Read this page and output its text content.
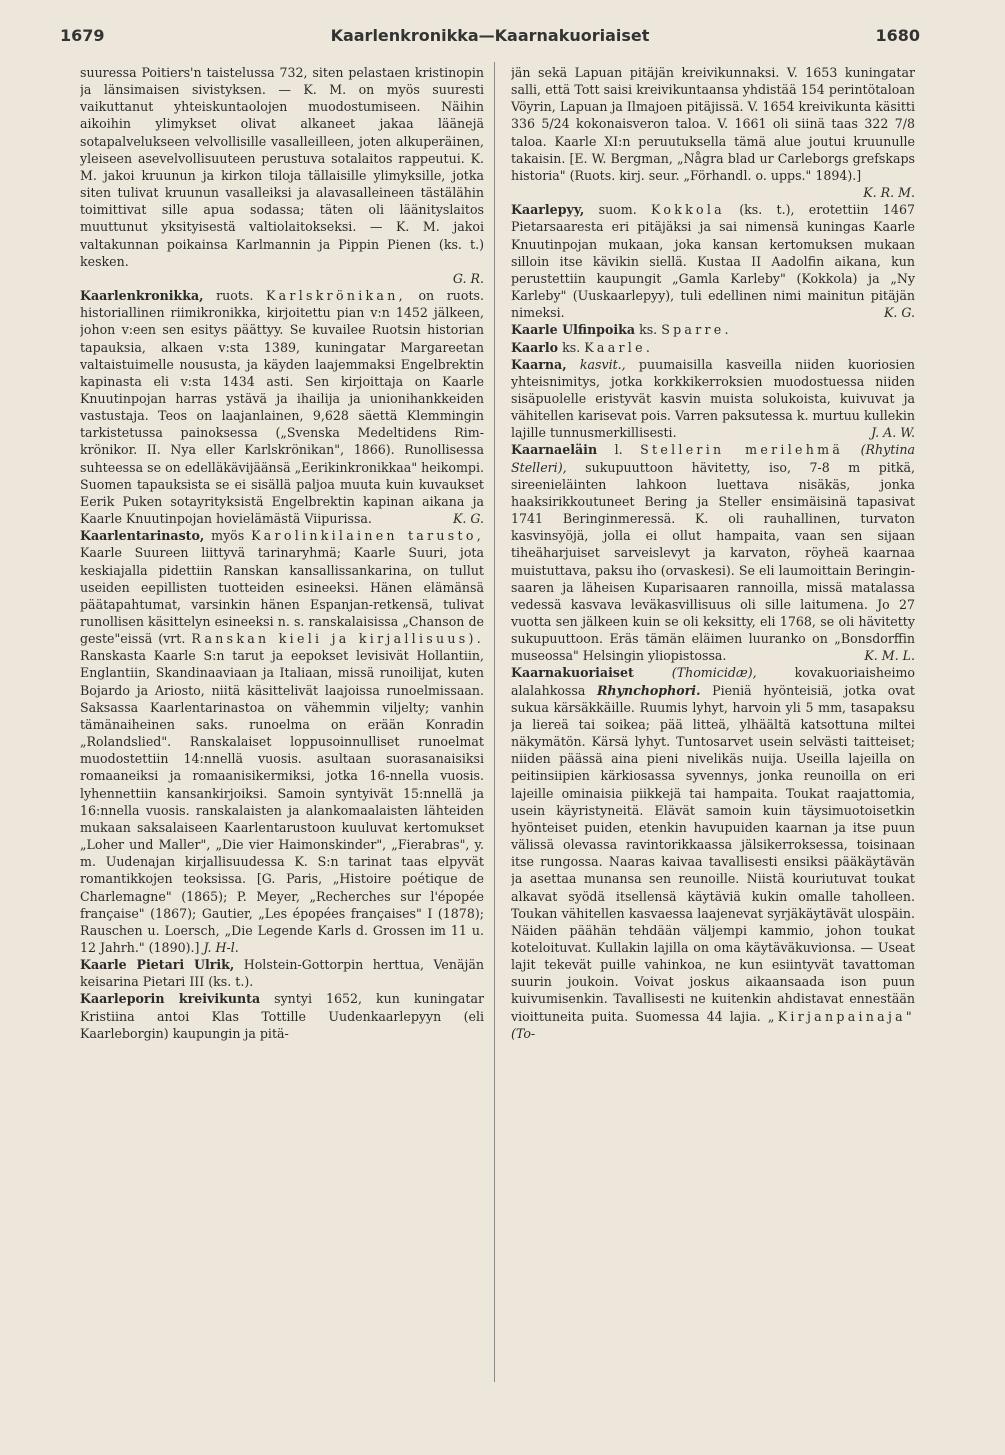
1679	Kaarlenkronikka—Kaarnakuoriaiset	1680

suuressa Poitiers'n taistelussa 732, siten pelastaen kristinopin ja länsimaisen sivistyksen. — K. M. on myös suuresti vaikuttanut yhteiskuntaolojen muodostumiseen. Näihin aikoihin ylimykset olivat alkaneet jakaa läänejä sotapalvelukseen velvollisille vasalleilleen, joten alkuperäinen, yleiseen asevelvollisuuteen perustuva sotalaitos rappeutui. K. M. jakoi kruunun ja kirkon tiloja tällaisille ylimyksille, jotka siten tulivat kruunun vasalleiksi ja alavasalleineen tästälähin toimittivat sille apua sodassa; täten oli läänityslaitos muuttunut yksityisestä valtiolaitokseksi. — K. M. jakoi valtakunnan poikainsa Karlmannin ja Pippin Pienen (ks. t.) kesken.

G. R.

Kaarlenkronikka, ruots. Karlskrönikan, on ruots. historiallinen riimikronikka, kirjoitettu pian v:n 1452 jälkeen, johon v:een sen esitys päättyy. Se kuvailee Ruotsin historian tapauksia, alkaen v:sta 1389, kuningatar Margareetan valtaistuimelle noususta, ja käyden laajemmaksi Engelbrektin kapinasta eli v:sta 1434 asti. Sen kirjoittaja on Kaarle Knuutinpojan harras ystävä ja ihailija ja unionihankkeiden vastustaja. Teos on laajanlainen, 9,628 säettä Klemmingin tarkistetussa painoksessa („Svenska Medeltidens Rim-krönikor. II. Nya eller Karlskrönikan", 1866). Runollisessa suhteessa se on edelläkävijäänsä „Eerikinkronikkaa" heikompi. Suomen tapauksista se ei sisällä paljoa muuta kuin kuvaukset Eerik Puken sotayrityksistä Engelbrektin kapinan aikana ja Kaarle Knuutinpojan hovielämästä Viipurissa.	K. G.

Kaarlentarinasto, myös Karolinkilainen tarusto, Kaarle Suureen liittyvä tarinaryhmä; Kaarle Suuri, jota keskiajalla pidettiin Ranskan kansallissankarina, on tullut useiden eepillisten tuotteiden esineeksi. Hänen elämänsä päätapahtumat, varsinkin hänen Espanjan-retkensä, tulivat runollisen käsittelyn esineeksi n. s. ranskalaisissa „Chanson de geste"eissä (vrt. Ranskan kieli ja kirjallisuus). Ranskasta Kaarle S:n tarut ja eepokset levisivät Hollantiin, Englantiin, Skandinaaviaan ja Italiaan, missä runoilijat, kuten Bojardo ja Ariosto, niitä käsittelivät laajoissa runoelmissaan. Saksassa Kaarlentarinastoa on vähemmin viljelty; vanhin tämänaiheinen saks. runoelma on erään Konradin „Rolandslied". Ranskalaiset loppusoinnulliset runoelmat muodostettiin 14:nnellä vuosis. asultaan suorasanaisiksi romaaneiksi ja romaanisikermiksi, jotka 16-nnella vuosis. lyhennettiin kansankirjoiksi. Samoin syntyivät 15:nnellä ja 16:nnella vuosis. ranskalaisten ja alankomaalaisten lähteiden mukaan saksalaiseen Kaarlentarustoon kuuluvat kertomukset „Loher und Maller", „Die vier Haimonskinder", „Fierabras", y. m. Uudenajan kirjallisuudessa K. S:n tarinat taas elpyvät romantikkojen teoksissa. [G. Paris, „Histoire poétique de Charlemagne" (1865); P. Meyer, „Recherches sur l'épopée française" (1867); Gautier, „Les épopées françaises" I (1878); Rauschen u. Loersch, „Die Legende Karls d. Grossen im 11 u. 12 Jahrh." (1890).] J. H-l.

Kaarle Pietari Ulrik, Holstein-Gottorpin herttua, Venäjän keisarina Pietari III (ks. t.).

Kaarleporin kreivikunta syntyi 1652, kun kuningatar Kristiina antoi Klas Tottille Uudenkaarlepyyn (eli Kaarleborgin) kaupungin ja pitä-

jän sekä Lapuan pitäjän kreivikunnaksi. V. 1653 kuningatar salli, että Tott saisi kreivikuntaansa yhdistää 154 perintötaloan Vöyrin, Lapuan ja Ilmajoen pitäjissä. V. 1654 kreivikunta käsitti 336 5/24 kokonaisveron taloa. V. 1661 oli siinä taas 322 7/8 taloa. Kaarle XI:n peruutuksella tämä alue joutui kruunulle takaisin. [E. W. Bergman, „Några blad ur Carleborgs grefskaps historia" (Ruots. kirj. seur. „Förhandl. o. upps." 1894).]

K. R. M.

Kaarlepyy, suom. Kokkola (ks. t.), erotettiin 1467 Pietarsaaresta eri pitäjäksi ja sai nimensä kuningas Kaarle Knuutinpojan mukaan, joka kansan kertomuksen mukaan silloin itse kävikin siellä. Kustaa II Aadolfin aikana, kun perustettiin kaupungit „Gamla Karleby" (Kokkola) ja „Ny Karleby" (Uuskaarlepyy), tuli edellinen nimi mainitun pitäjän nimeksi.	K. G.

Kaarle Ulfinpoika ks. Sparre.

Kaarlo ks. Kaarle.

Kaarna, kasvit., puumaisilla kasveilla niiden kuoriosien yhteisnimitys, jotka korkkikerroksien muodostuessa niiden sisäpuolelle eristyvät kasvin muista solukoista, kuivuvat ja vähitellen karisevat pois. Varren paksutessa k. murtuu kullekin lajille tunnusmerkillisesti.	J. A. W.

Kaarnaeläin l. Stellerin merilehmä (Rhytina Stelleri), sukupuuttoon hävitetty, iso, 7-8 m pitkä, sireenieläinten lahkoon luettava nisäkäs, jonka haaksirikkoutuneet Bering ja Steller ensimäisinä tapasivat 1741 Beringinmeressä. K. oli rauhallinen, turvaton kasvinsyöjä, jolla ei ollut hampaita, vaan sen sijaan tiheäharjuiset sarveislevyt ja karvaton, röyheä kaarnaa muistuttava, paksu iho (orvaskesi). Se eli laumoittain Beringin-saaren ja läheisen Kuparisaaren rannoilla, missä matalassa vedessä kasvava leväkasvillisuus oli sille laitumena. Jo 27 vuotta sen jälkeen kuin se oli keksitty, eli 1768, se oli hävitetty sukupuuttoon. Eräs tämän eläimen luuranko on „Bonsdorffin museossa" Helsingin yliopistossa.	K. M. L.

Kaarnakuoriaiset	(Thomicidæ),	kovakuoriaisheimo alalahkossa Rhynchophori. Pieniä hyönteisiä, jotka ovat sukua kärsäkkäille. Ruumis lyhyt, harvoin yli 5 mm, tasapaksu ja liereä tai soikea; pää litteä, ylhäältä katsottuna miltei näkymätön. Kärsä lyhyt. Tuntosarvet usein selvästi taitteiset; niiden päässä aina pieni nivelikäs nuija. Useilla lajeilla on peitinsiipien kärkiosassa syvennys, jonka reunoilla on eri lajeille ominaisia piikkejä tai hampaita. Toukat raajattomia, usein käyristyneitä. Elävät samoin kuin täysimuotoisetkin hyönteiset puiden, etenkin havupuiden kaarnan ja itse puun välissä olevassa ravintorikkaassa jälsikerroksessa, toisinaan itse rungossa. Naaras kaivaa tavallisesti ensiksi pääkäytävän ja asettaa munansa sen reunoille. Niistä kouriutuvat toukat alkavat syödä itsellensä käytäviä kukin omalle taholleen. Toukan vähitellen kasvaessa laajenevat syrjäkäytävät ulospäin. Näiden päähän tehdään väljempi kammio, johon toukat koteloituvat. Kullakin lajilla on oma käytäväkuvionsa. — Useat lajit tekevät puille vahinkoa, ne kun esiintyvät tavattoman suurin joukoin. Voivat joskus aikaansaada ison puun kuivumisenkin. Tavallisesti ne kuitenkin ahdistavat ennestään vioittuneita puita. Suomessa 44 lajia. „Kirjanpainaja" (To-
